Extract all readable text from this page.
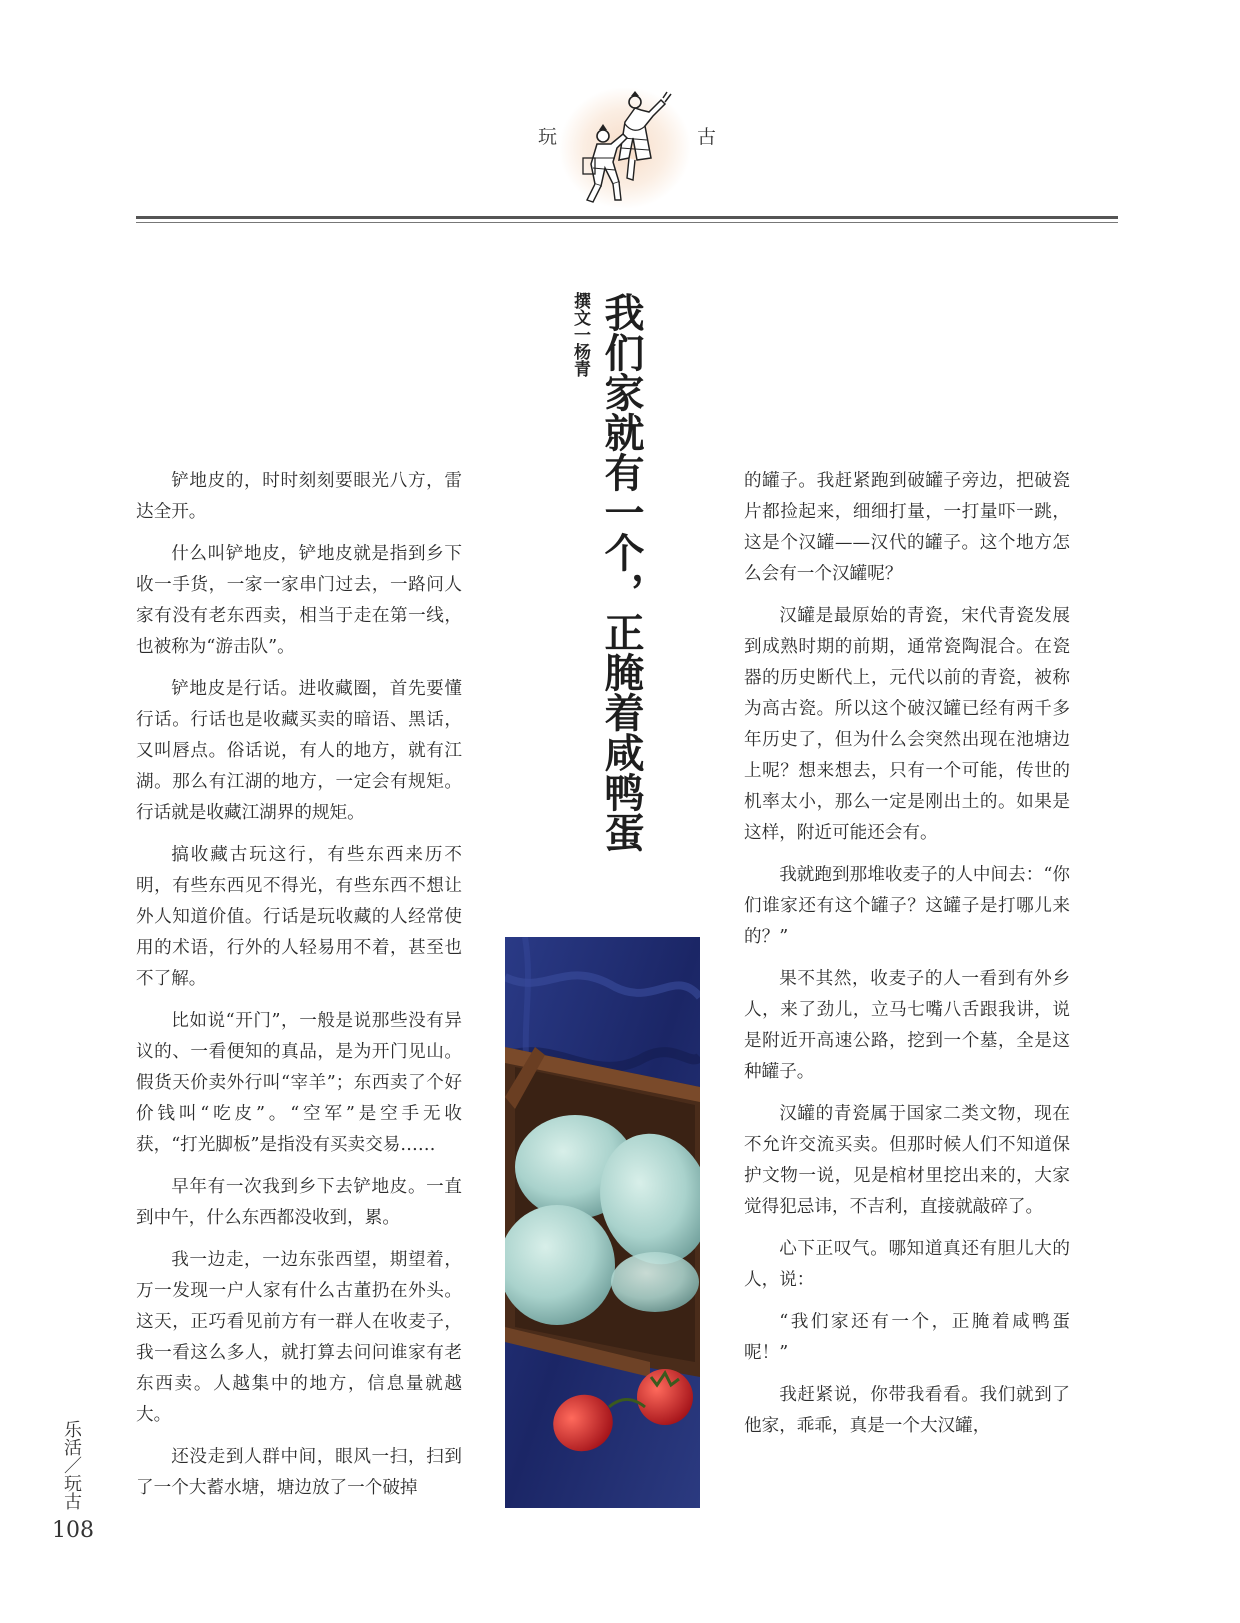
玩	古
我们家就有一个，正腌着咸鸭蛋
撰文一杨青

铲地皮的，时时刻刻要眼光八方，雷达全开。

什么叫铲地皮，铲地皮就是指到乡下收一手货，一家一家串门过去，一路问人家有没有老东西卖，相当于走在第一线，也被称为“游击队”。

铲地皮是行话。进收藏圈，首先要懂行话。行话也是收藏买卖的暗语、黑话，又叫唇点。俗话说，有人的地方，就有江湖。那么有江湖的地方，一定会有规矩。行话就是收藏江湖界的规矩。

搞收藏古玩这行，有些东西来历不明，有些东西见不得光，有些东西不想让外人知道价值。行话是玩收藏的人经常使用的术语，行外的人轻易用不着，甚至也不了解。

比如说“开门”，一般是说那些没有异议的、一看便知的真品，是为开门见山。假货天价卖外行叫“宰羊”；东西卖了个好价钱叫“吃皮”。“空军”是空手无收获，“打光脚板”是指没有买卖交易……

早年有一次我到乡下去铲地皮。一直到中午，什么东西都没收到，累。

我一边走，一边东张西望，期望着，万一发现一户人家有什么古董扔在外头。这天，正巧看见前方有一群人在收麦子，我一看这么多人，就打算去问问谁家有老东西卖。人越集中的地方，信息量就越大。

还没走到人群中间，眼风一扫，扫到了一个大蓄水塘，塘边放了一个破掉

的罐子。我赶紧跑到破罐子旁边，把破瓷片都捡起来，细细打量，一打量吓一跳，这是个汉罐——汉代的罐子。这个地方怎么会有一个汉罐呢？

汉罐是最原始的青瓷，宋代青瓷发展到成熟时期的前期，通常瓷陶混合。在瓷器的历史断代上，元代以前的青瓷，被称为高古瓷。所以这个破汉罐已经有两千多年历史了，但为什么会突然出现在池塘边上呢？想来想去，只有一个可能，传世的机率太小，那么一定是刚出土的。如果是这样，附近可能还会有。

我就跑到那堆收麦子的人中间去：“你们谁家还有这个罐子？这罐子是打哪儿来的？”

果不其然，收麦子的人一看到有外乡人，来了劲儿，立马七嘴八舌跟我讲，说是附近开高速公路，挖到一个墓，全是这种罐子。

汉罐的青瓷属于国家二类文物，现在不允许交流买卖。但那时候人们不知道保护文物一说，见是棺材里挖出来的，大家觉得犯忌讳，不吉利，直接就敲碎了。

心下正叹气。哪知道真还有胆儿大的人，说：

“我们家还有一个，正腌着咸鸭蛋呢！”

我赶紧说，你带我看看。我们就到了他家，乖乖，真是一个大汉罐，

乐活／玩古
108
